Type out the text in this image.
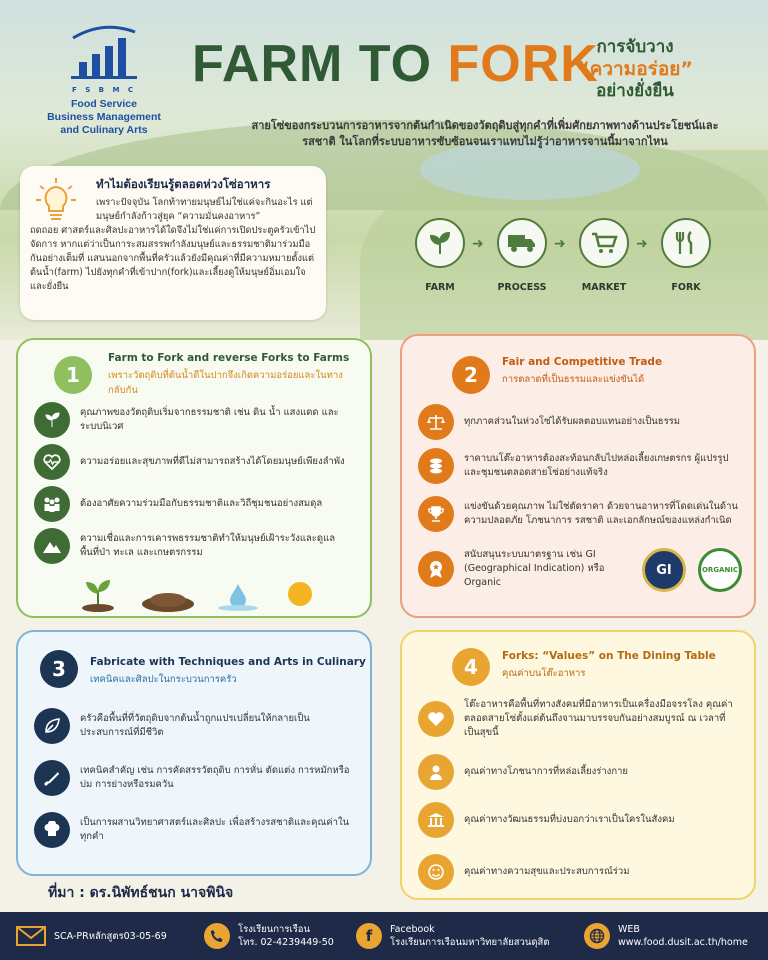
F S B M C
Food Service
Business Management
and Culinary Arts
FARM TO FORK
การจับวาง
“ความอร่อย”
อย่างยั่งยืน
สายโซ่ของกระบวนการอาหารจากต้นกำเนิดของวัตถุดิบสู่ทุกคำที่เพิ่มศักยภาพทางด้านประโยชน์และรสชาติ ในโลกที่ระบบอาหารซับซ้อนจนเราแทบไม่รู้ว่าอาหารจานนี้มาจากไหน
ทำไมต้องเรียนรู้ตลอดห่วงโซ่อาหาร

เพราะปัจจุบัน โลกท้าทายมนุษย์ไม่ใช่แค่จะกินอะไร แต่มนุษย์กำลังก้าวสู่ยุค “ความมั่นคงอาหาร”

ถดถอย ศาสตร์และศิลปะอาหารได้ใดจึงไม่ใช่แค่การเปิดประตูครัวเข้าไปจัดการ หากแต่ว่าเป็นการะสมสรรพกำลังมนุษย์และธรรมชาติมาร่วมมือกันอย่างเต็มที่ แสนนอกจากพื้นที่ครัวแล้วยังมีคุณค่าที่มีความหมายตั้งแต่ต้นน้ำ(farm) ไปยังทุกคำที่เข้าปาก(fork)และเลี้ยงดูให้มนุษย์อิ่มเอมใจ และยั่งยืน	FARM
➜
PROCESS
➜
MARKET
➜
FORK
1
Farm to Fork and reverse Forks to Farms
เพราะวัตถุดิบที่ต้นน้ำดีในปากจึงเกิดความอร่อยและในทางกลับกัน
คุณภาพของวัตถุดิบเริ่มจากธรรมชาติ เช่น ดิน น้ำ แสงแดด และระบบนิเวศ
ความอร่อยและสุขภาพที่ดีไม่สามารถสร้างได้โดยมนุษย์เพียงลำพัง
ต้องอาศัยความร่วมมือกับธรรมชาติและวิถีชุมชนอย่างสมดุล
ความเชื่อและการเคารพธรรมชาติทำให้มนุษย์เฝ้าระวังและดูแลพื้นที่ป่า ทะเล และเกษตรกรรม
2
Fair and Competitive Trade
การตลาดที่เป็นธรรมและแข่งขันได้
ทุกภาคส่วนในห่วงโซ่ได้รับผลตอบแทนอย่างเป็นธรรม
ราคาบนโต๊ะอาหารต้องสะท้อนกลับไปหล่อเลี้ยงเกษตรกร ผู้แปรรูป และชุมชนตลอดสายโซ่อย่างแท้จริง
แข่งขันด้วยคุณภาพ ไม่ใช่ตัดราคา ด้วยจานอาหารที่โดดเด่นในด้านความปลอดภัย โภชนาการ รสชาติ และเอกลักษณ์ของแหล่งกำเนิด
สนับสนุนระบบมาตรฐาน เช่น GI (Geographical Indication) หรือ Organic
GI	ORGANIC
3	Fabricate with Techniques and Arts in Culinary
เทคนิคและศิลปะในกระบวนการครัว
ครัวคือพื้นที่ที่วัตถุดิบจากต้นน้ำถูกแปรเปลี่ยนให้กลายเป็นประสบการณ์ที่มีชีวิต
เทคนิคสำคัญ เช่น การคัดสรรวัตถุดิบ การหั่น ตัดแต่ง การหมักหรือบ่ม การย่างหรือรมควัน
เป็นการผสานวิทยาศาสตร์และศิลปะ เพื่อสร้างรสชาติและคุณค่าในทุกคำ
4	Forks: “Values” on The Dining Table
คุณค่าบนโต๊ะอาหาร
โต๊ะอาหารคือพื้นที่ทางสังคมที่มีอาหารเป็นเครื่องมือจรรโลง คุณค่าตลอดสายโซ่ตั้งแต่ต้นถึงจานมาบรรจบกันอย่างสมบูรณ์ ณ เวลาที่เป็นสุขนี้
คุณค่าทางโภชนาการที่หล่อเลี้ยงร่างกาย
คุณค่าทางวัฒนธรรมที่บ่งบอกว่าเราเป็นใครในสังคม
คุณค่าทางความสุขและประสบการณ์ร่วม
ที่มา : ดร.นิพัทธ์ชนก นาจพินิจ
SCA-PRหลักสูตร03-05-69
โรงเรียนการเรือน
โทร. 02-4239449-50	f	Facebook
โรงเรียนการเรือนมหาวิทยาลัยสวนดุสิต
WEB
www.food.dusit.ac.th/home
